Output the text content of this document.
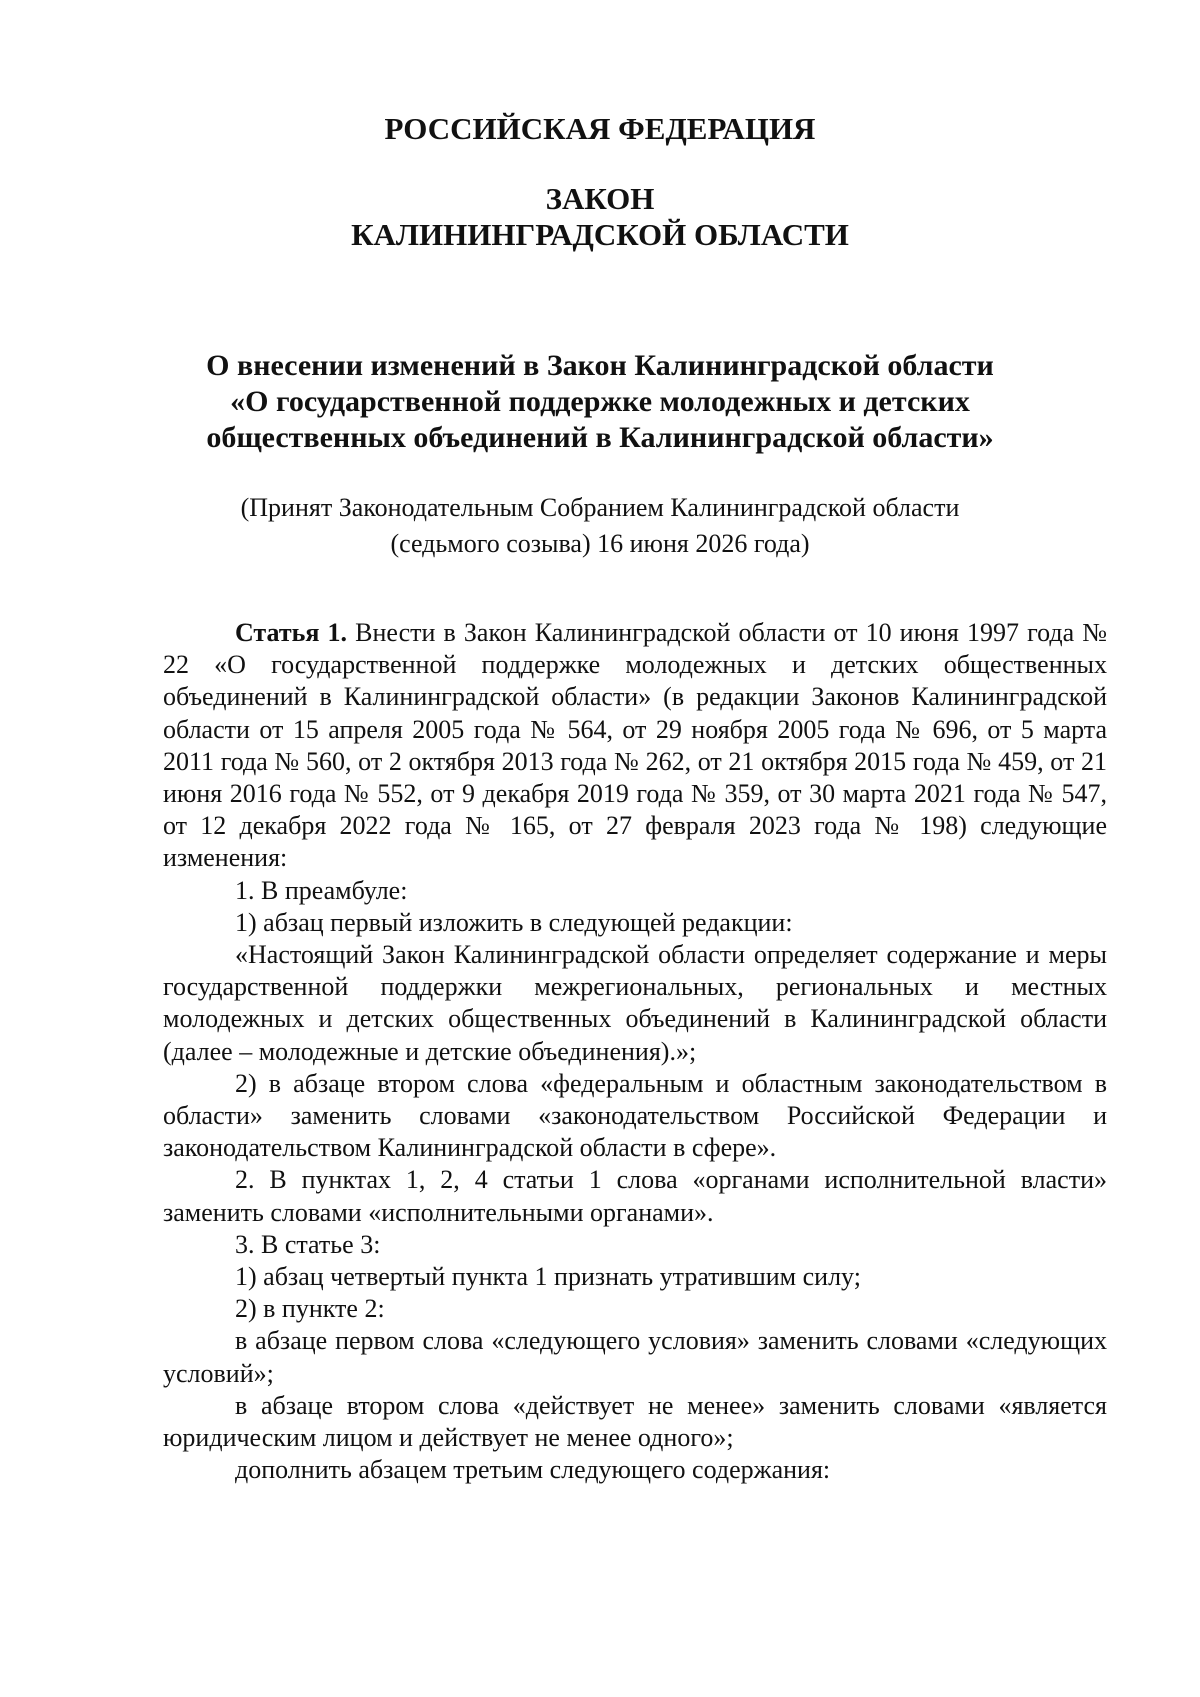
РОССИЙСКАЯ ФЕДЕРАЦИЯ

ЗАКОН

КАЛИНИНГРАДСКОЙ ОБЛАСТИ

О внесении изменений в Закон Калининградской области

«О государственной поддержке молодежных и детских

общественных объединений в Калининградской области»

(Принят Законодательным Собранием Калининградской области

(седьмого созыва) 16 июня 2026 года)

Статья 1. Внести в Закон Калининградской области от 10 июня 1997 года № 22 «О государственной поддержке молодежных и детских общественных объединений в Калининградской области» (в редакции Законов Калининградской области от 15 апреля 2005 года № 564, от 29 ноября 2005 года № 696, от 5 марта 2011 года № 560, от 2 октября 2013 года № 262, от 21 октября 2015 года № 459, от 21 июня 2016 года № 552, от 9 декабря 2019 года № 359, от 30 марта 2021 года № 547, от 12 декабря 2022 года № 165, от 27 февраля 2023 года № 198) следующие изменения:

1. В преамбуле:

1) абзац первый изложить в следующей редакции:

«Настоящий Закон Калининградской области определяет содержание и меры государственной поддержки межрегиональных, региональных и местных молодежных и детских общественных объединений в Калининградской области (далее – молодежные и детские объединения).»;

2) в абзаце втором слова «федеральным и областным законодательством в области» заменить словами «законодательством Российской Федерации и законодательством Калининградской области в сфере».

2. В пунктах 1, 2, 4 статьи 1 слова «органами исполнительной власти» заменить словами «исполнительными органами».

3. В статье 3:

1) абзац четвертый пункта 1 признать утратившим силу;

2) в пункте 2:

в абзаце первом слова «следующего условия» заменить словами «следующих условий»;

в абзаце втором слова «действует не менее» заменить словами «является юридическим лицом и действует не менее одного»;

дополнить абзацем третьим следующего содержания:
